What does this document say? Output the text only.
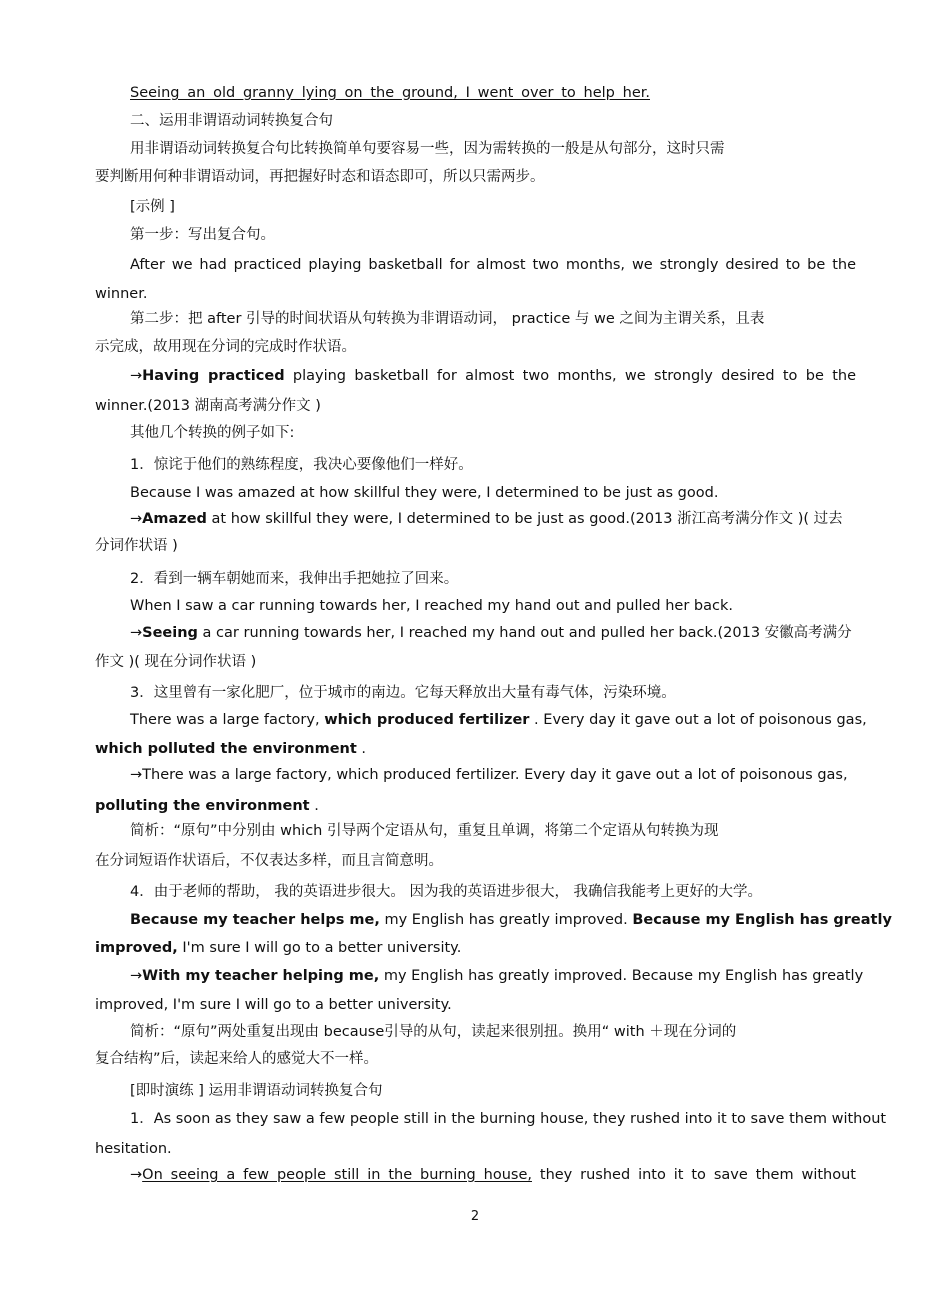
Seeing an old granny lying on the ground, I went over to help her.
二、运用非谓语动词转换复合句
用非谓语动词转换复合句比转换简单句要容易一些，因为需转换的一般是从句部分，这时只需
要判断用何种非谓语动词，再把握好时态和语态即可，所以只需两步。
[示例 ]
第一步：写出复合句。
After we had practiced playing basketball for almost two months, we strongly desired to be the
winner.
第二步：把 after 引导的时间状语从句转换为非谓语动词， practice 与 we 之间为主谓关系，且表
示完成，故用现在分词的完成时作状语。
→Having practiced playing basketball for almost two months, we strongly desired to be the
winner.(2013 湖南高考满分作文 )
其他几个转换的例子如下:
1．惊诧于他们的熟练程度，我决心要像他们一样好。
Because I was amazed at how skillful they were, I determined to be just as good.
→Amazed at how skillful they were, I determined to be just as good.(2013 浙江高考满分作文 )( 过去
分词作状语 )
2．看到一辆车朝她而来，我伸出手把她拉了回来。
When I saw a car running towards her, I reached my hand out and pulled her back.
→Seeing a car running towards her, I reached my hand out and pulled her back.(2013 安徽高考满分
作文 )( 现在分词作状语 )
3．这里曾有一家化肥厂，位于城市的南边。它每天释放出大量有毒气体，污染环境。
There was a large factory, which produced fertilizer . Every day it gave out a lot of poisonous gas,
which polluted the environment .
→There was a large factory, which produced fertilizer. Every day it gave out a lot of poisonous gas,
polluting the environment .
简析：“原句”中分别由 which 引导两个定语从句，重复且单调，将第二个定语从句转换为现
在分词短语作状语后，不仅表达多样，而且言简意明。
4．由于老师的帮助， 我的英语进步很大。 因为我的英语进步很大， 我确信我能考上更好的大学。
Because my teacher helps me, my English has greatly improved. Because my English has greatly
improved, I'm sure I will go to a better university.
→With my teacher helping me, my English has greatly improved. Because my English has greatly
improved, I'm sure I will go to a better university.
简析：“原句”两处重复出现由 because引导的从句，读起来很别扭。换用“ with ＋现在分词的
复合结构”后，读起来给人的感觉大不一样。
[即时演练 ] 运用非谓语动词转换复合句
1．As soon as they saw a few people still in the burning house, they rushed into it to save them without
hesitation.
→On seeing a few people still in the burning house, they rushed into it to save them without
2
